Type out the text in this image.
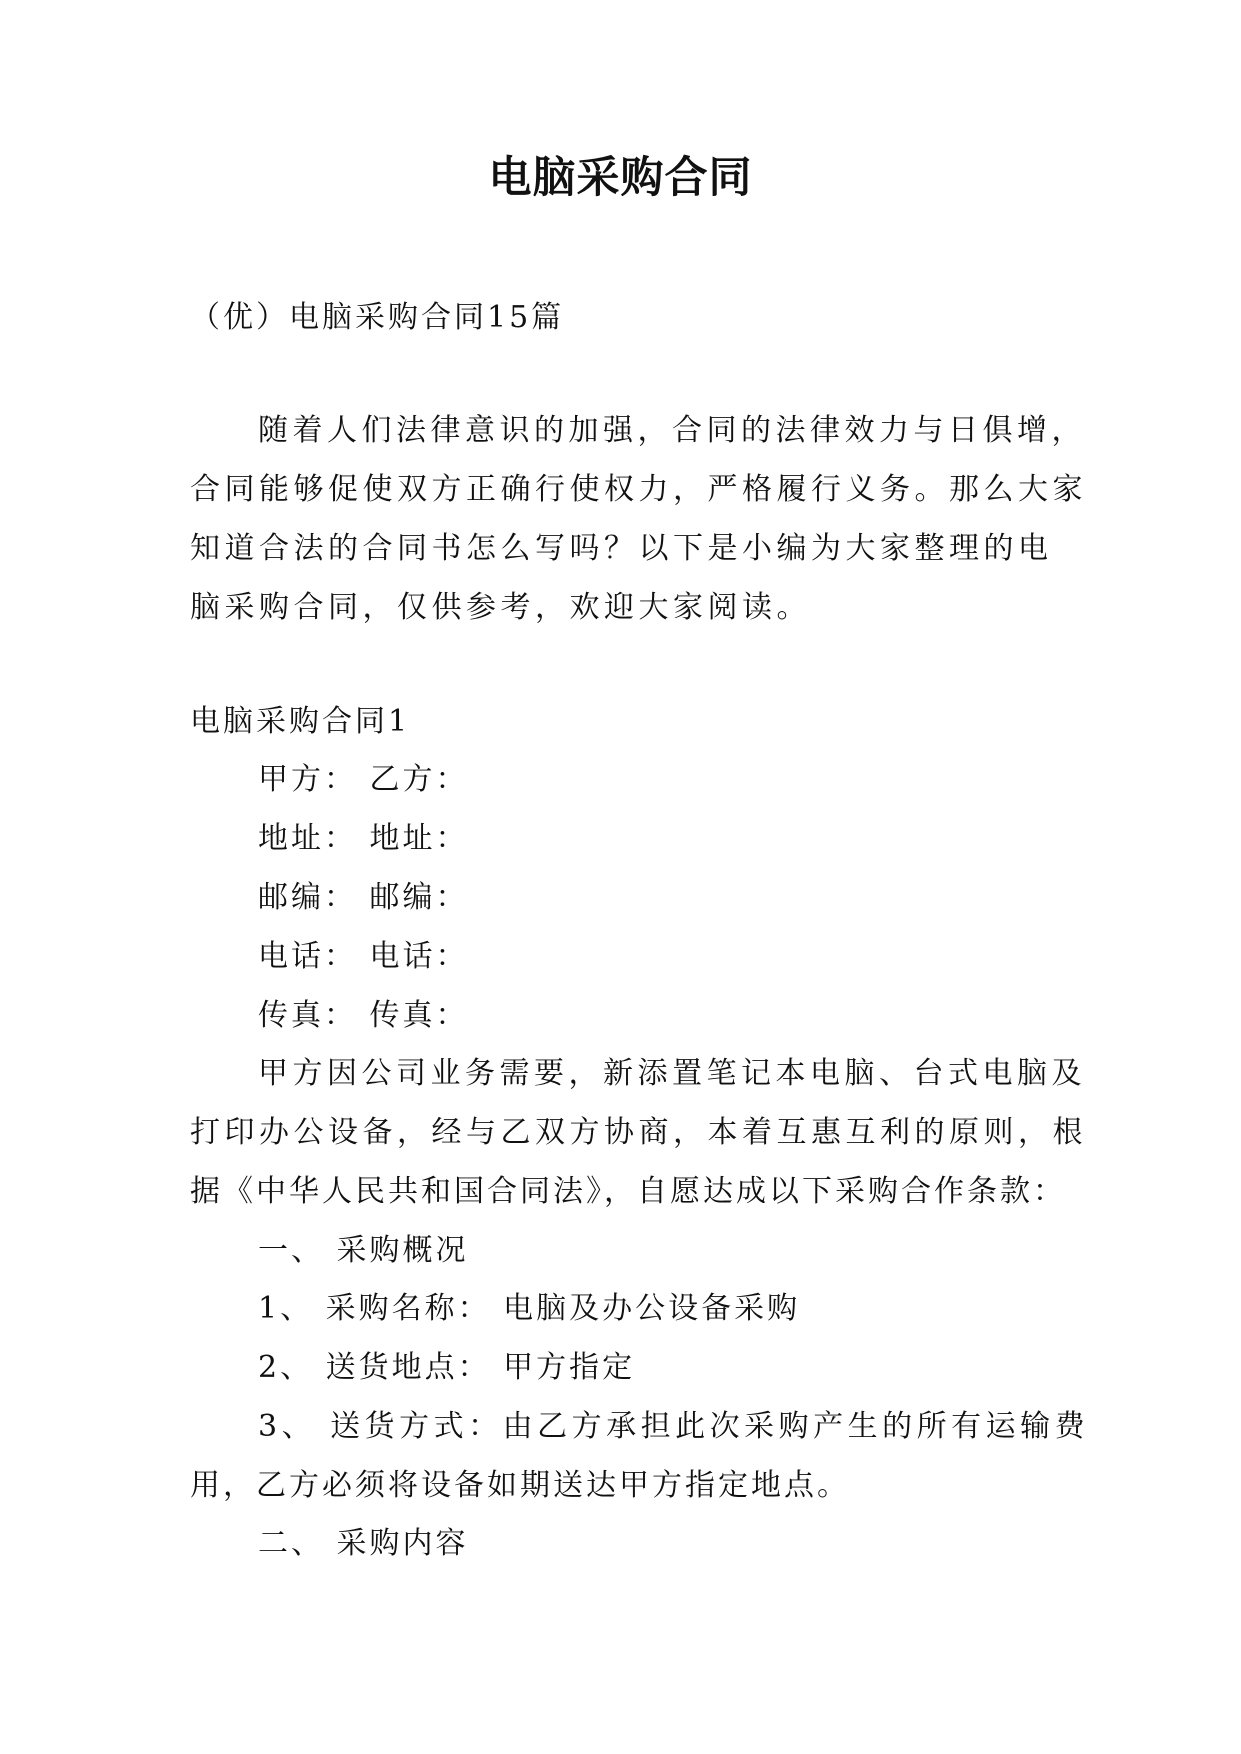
电脑采购合同

（优）电脑采购合同15篇

随着人们法律意识的加强，合同的法律效力与日俱增，

合同能够促使双方正确行使权力，严格履行义务。那么大家

知道合法的合同书怎么写吗？以下是小编为大家整理的电

脑采购合同，仅供参考，欢迎大家阅读。

电脑采购合同1

甲方： 乙方：

地址： 地址：

邮编： 邮编：

电话： 电话：

传真： 传真：

甲方因公司业务需要，新添置笔记本电脑、台式电脑及

打印办公设备，经与乙双方协商，本着互惠互利的原则，根

据《中华人民共和国合同法》，自愿达成以下采购合作条款：

一、 采购概况

1、 采购名称： 电脑及办公设备采购

2、 送货地点： 甲方指定

3、 送货方式：由乙方承担此次采购产生的所有运输费

用，乙方必须将设备如期送达甲方指定地点。

二、 采购内容
